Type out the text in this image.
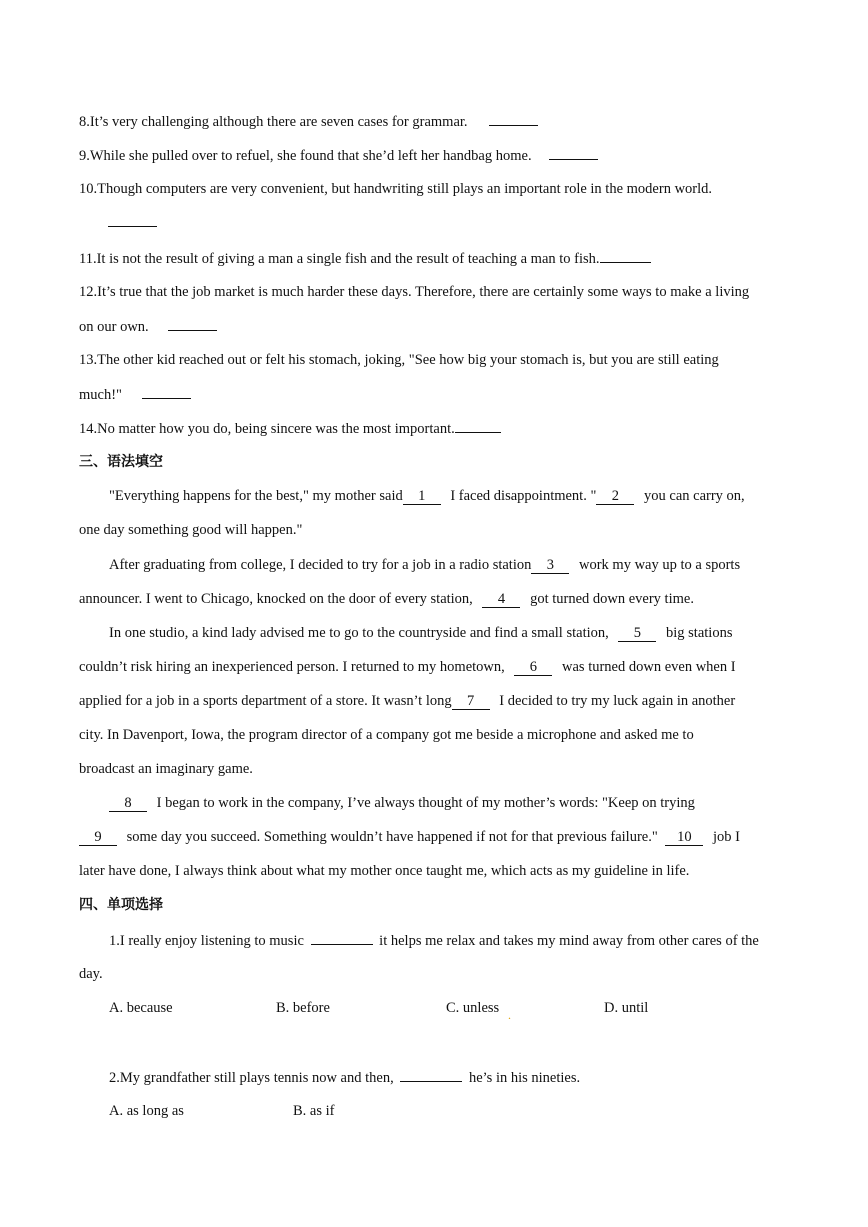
8.It’s very challenging although there are seven cases for grammar.
9.While she pulled over to refuel, she found that she’d left her handbag home.
10.Though computers are very convenient, but handwriting still plays an important role in the modern world.
11.It is not the result of giving a man a single fish and the result of teaching a man to fish.
12.It’s true that the job market is much harder these days. Therefore, there are certainly some ways to make a living
on our own.
13.The other kid reached out or felt his stomach, joking, "See how big your stomach is, but you are still eating
much!"
14.No matter how you do, being sincere was the most important.
三、语法填空
"Everything happens for the best," my mother said 1 I faced disappointment. " 2 you can carry on,
one day something good will happen."
After graduating from college, I decided to try for a job in a radio station 3 work my way up to a sports
announcer. I went to Chicago, knocked on the door of every station, 4 got turned down every time.
In one studio, a kind lady advised me to go to the countryside and find a small station, 5 big stations
couldn’t risk hiring an inexperienced person. I returned to my hometown, 6 was turned down even when I
applied for a job in a sports department of a store. It wasn’t long 7 I decided to try my luck again in another
city. In Davenport, Iowa, the program director of a company got me beside a microphone and asked me to
broadcast an imaginary game.
8 I began to work in the company, I’ve always thought of my mother’s words: "Keep on trying
9 some day you succeed. Something wouldn’t have happened if not for that previous failure." 10 job I
later have done, I always think about what my mother once taught me, which acts as my guideline in life.
四、单项选择
1.I really enjoy listening to music	it helps me relax and takes my mind away from other cares of the
day.
A. because	B. before	C. unless .	D. until
2.My grandfather still plays tennis now and then,	he’s in his nineties.
A. as long as	B. as if
